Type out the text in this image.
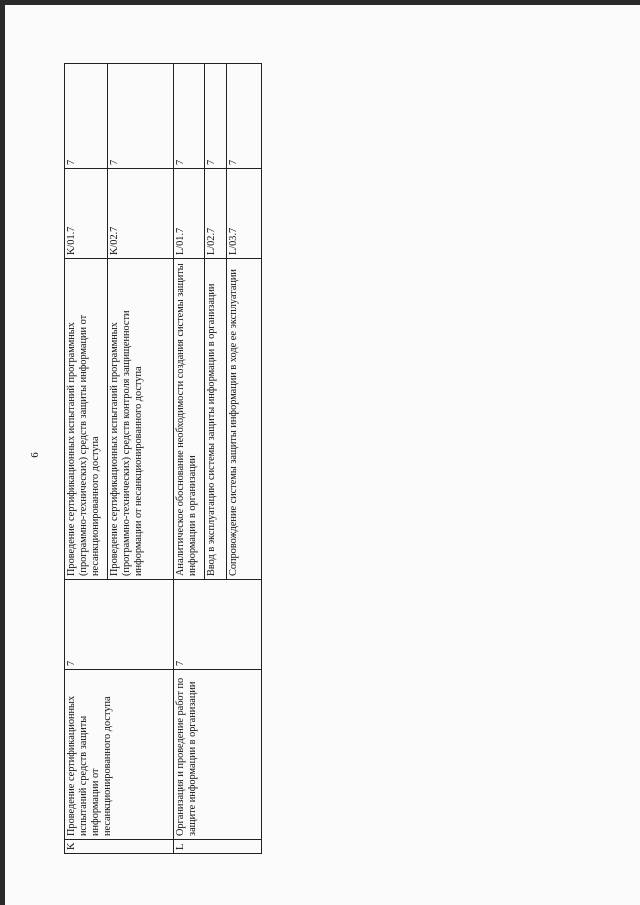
6
K	Проведение сертификационных испытаний средств защиты информации от несанкционированного доступа	7	Проведение сертификационных испытаний программных (программно-технических) средств защиты информации от несанкционированного доступа	K/01.7	7
			Проведение сертификационных испытаний программных (программно-технических) средств контроля защищенности информации от несанкционированного доступа	K/02.7	7
L	Организация и проведение работ по защите информации в организации	7	Аналитическое обоснование необходимости создания системы защиты информации в организации	L/01.7	7
			Ввод в эксплуатацию системы защиты информации в организации	L/02.7	7
			Сопровождение системы защиты информации в ходе ее эксплуатации	L/03.7	7
